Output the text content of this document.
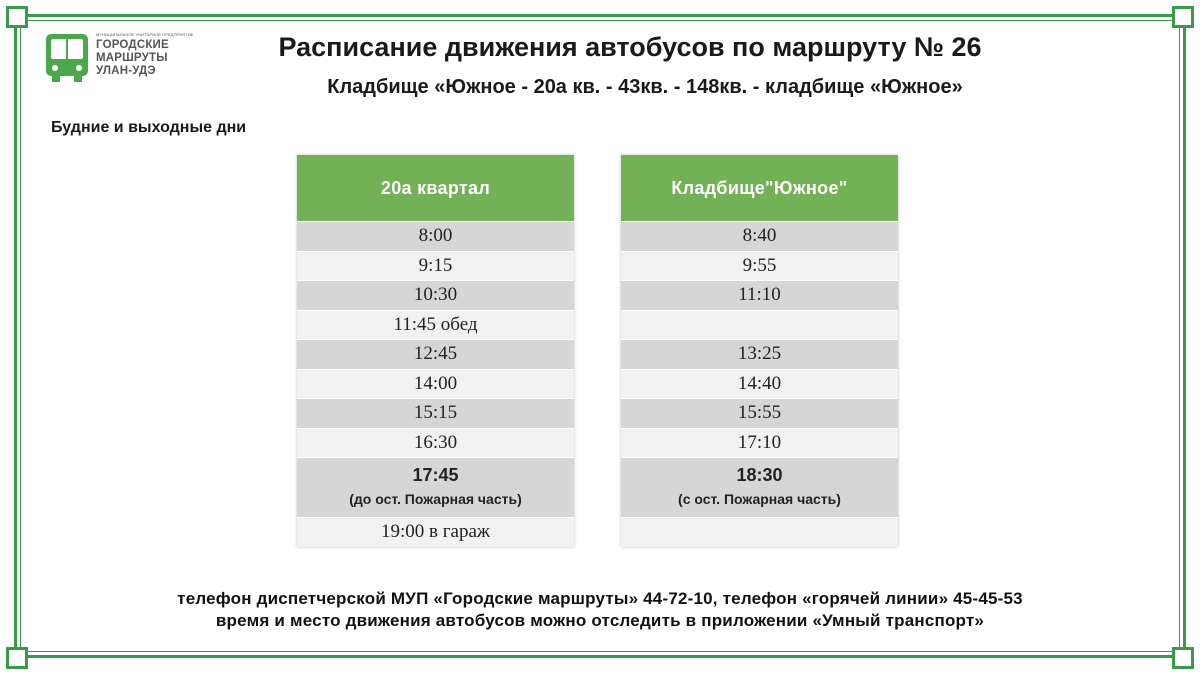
МУНИЦИПАЛЬНОЕ УНИТАРНОЕ ПРЕДПРИЯТИЕ
ГОРОДСКИЕ
МАРШРУТЫ
УЛАН-УДЭ
Расписание движения автобусов по маршруту № 26
Кладбище «Южное - 20а кв. - 43кв. - 148кв. - кладбище «Южное»
Будние и выходные дни
20а квартал
8:00
9:15
10:30
11:45 обед
12:45
14:00
15:15
16:30
17:45
(до ост. Пожарная часть)
19:00 в гараж
Кладбище"Южное"
8:40
9:55
11:10
13:25
14:40
15:55
17:10
18:30
(с ост. Пожарная часть)
телефон диспетчерской МУП «Городские маршруты» 44-72-10, телефон «горячей линии» 45-45-53
время и место движения автобусов можно отследить в приложении «Умный транспорт»
